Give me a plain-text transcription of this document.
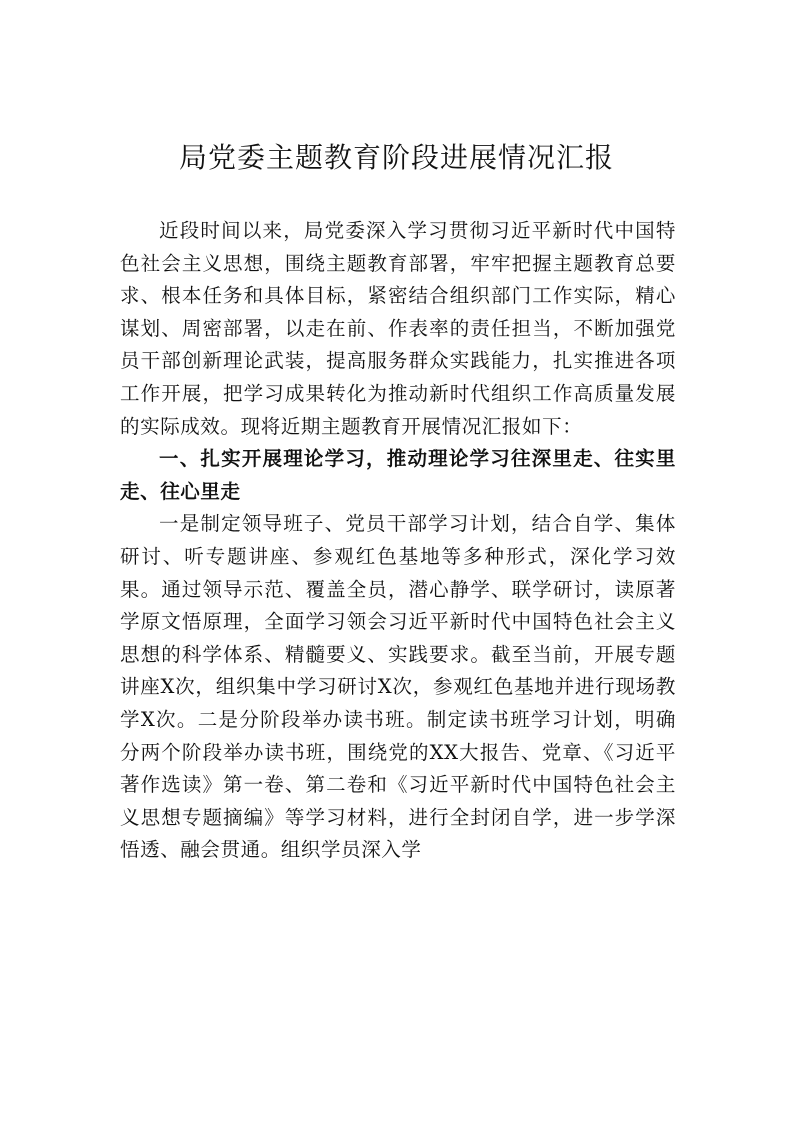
局党委主题教育阶段进展情况汇报

近段时间以来，局党委深入学习贯彻习近平新时代中国特色社会主义思想，围绕主题教育部署，牢牢把握主题教育总要求、根本任务和具体目标，紧密结合组织部门工作实际，精心谋划、周密部署，以走在前、作表率的责任担当，不断加强党员干部创新理论武装，提高服务群众实践能力，扎实推进各项工作开展，把学习成果转化为推动新时代组织工作高质量发展的实际成效。现将近期主题教育开展情况汇报如下：

一、扎实开展理论学习，推动理论学习往深里走、往实里走、往心里走

一是制定领导班子、党员干部学习计划，结合自学、集体研讨、听专题讲座、参观红色基地等多种形式，深化学习效果。通过领导示范、覆盖全员，潜心静学、联学研讨，读原著学原文悟原理，全面学习领会习近平新时代中国特色社会主义思想的科学体系、精髓要义、实践要求。截至当前，开展专题讲座X次，组织集中学习研讨X次，参观红色基地并进行现场教学X次。二是分阶段举办读书班。制定读书班学习计划，明确分两个阶段举办读书班，围绕党的XX大报告、党章、《习近平著作选读》第一卷、第二卷和《习近平新时代中国特色社会主义思想专题摘编》等学习材料，进行全封闭自学，进一步学深悟透、融会贯通。组织学员深入学
